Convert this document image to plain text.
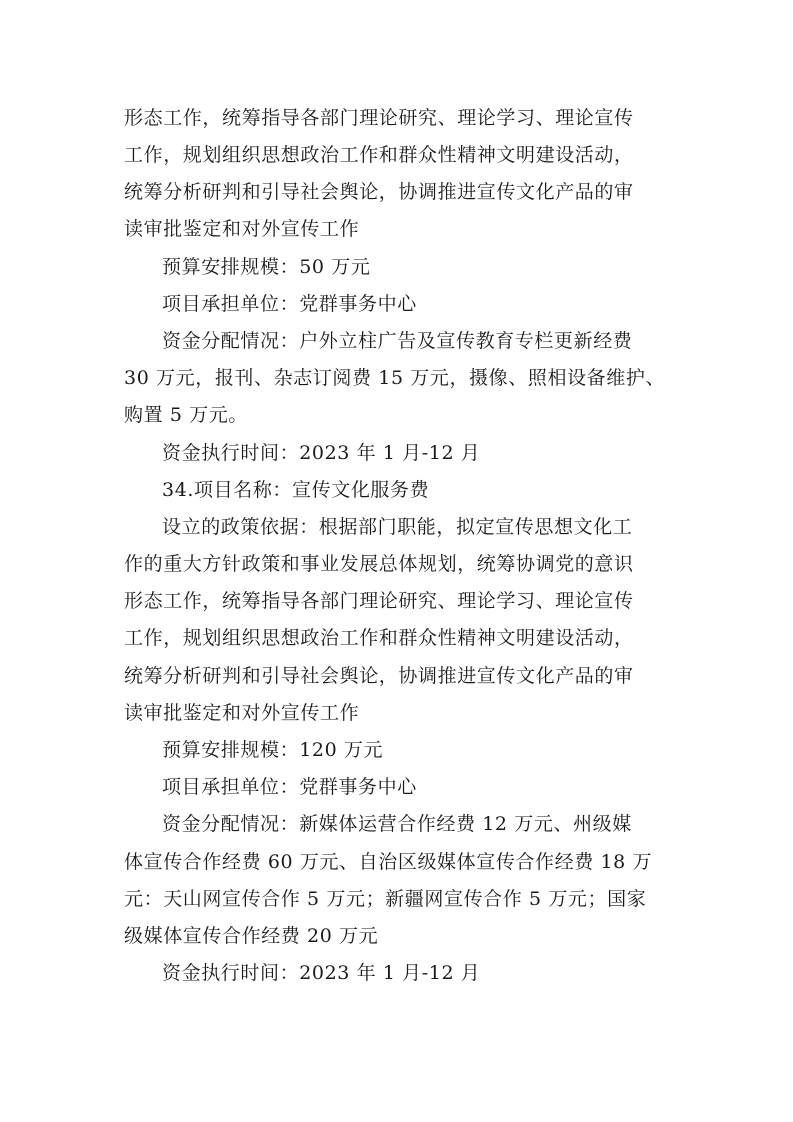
形态工作，统筹指导各部门理论研究、理论学习、理论宣传
工作，规划组织思想政治工作和群众性精神文明建设活动，
统筹分析研判和引导社会舆论，协调推进宣传文化产品的审
读审批鉴定和对外宣传工作
预算安排规模：50 万元
项目承担单位：党群事务中心
资金分配情况：户外立柱广告及宣传教育专栏更新经费
30 万元，报刊、杂志订阅费 15 万元，摄像、照相设备维护、
购置 5 万元。
资金执行时间：2023 年 1 月-12 月
34.项目名称：宣传文化服务费
设立的政策依据：根据部门职能，拟定宣传思想文化工
作的重大方针政策和事业发展总体规划，统筹协调党的意识
形态工作，统筹指导各部门理论研究、理论学习、理论宣传
工作，规划组织思想政治工作和群众性精神文明建设活动，
统筹分析研判和引导社会舆论，协调推进宣传文化产品的审
读审批鉴定和对外宣传工作
预算安排规模：120 万元
项目承担单位：党群事务中心
资金分配情况：新媒体运营合作经费 12 万元、州级媒
体宣传合作经费 60 万元、自治区级媒体宣传合作经费 18 万
元：天山网宣传合作 5 万元；新疆网宣传合作 5 万元；国家
级媒体宣传合作经费 20 万元
资金执行时间：2023 年 1 月-12 月
